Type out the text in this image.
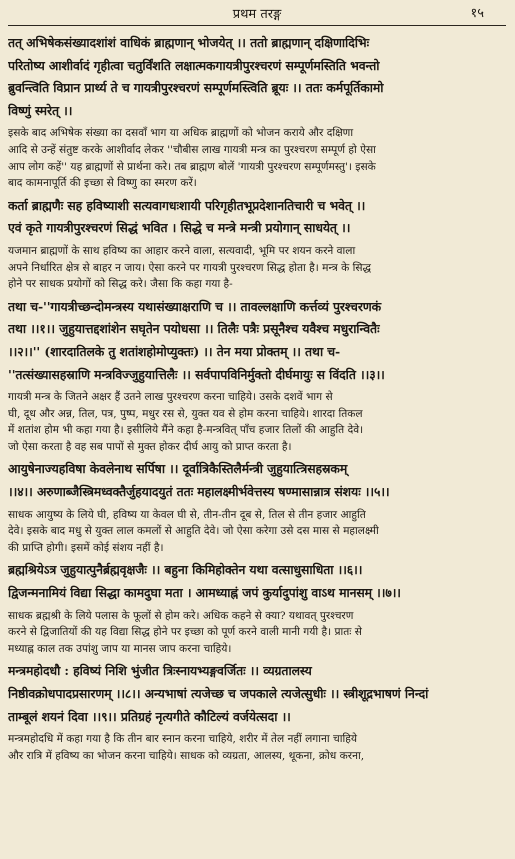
प्रथम तरङ्ग	१५
तत् अभिषेकसंख्यादशांशं वाधिकं ब्राह्मणान् भोजयेत् ।। ततो ब्राह्मणान् दक्षिणादिभिः
परितोष्य आशीर्वादं गृहीत्वा चतुर्विंशति लक्षात्मकगायत्रीपुरश्चरणं सम्पूर्णमस्तिति भवन्तो
ब्रुवन्त्विति विप्रान प्रार्थ्य ते च गायत्रीपुरश्चरणं सम्पूर्णमस्त्विति ब्रूयः ।। ततः कर्मपूर्तिकामो
विष्णुं स्मरेत् ।।
इसके बाद अभिषेक संख्या का दसवाँ भाग या अधिक ब्राह्मणों को भोजन कराये और दक्षिणा
आदि से उन्हें संतुष्ट करके आशीर्वाद लेकर ''चौबीस लाख गायत्री मन्त्र का पुरश्चरण सम्पूर्ण हो ऐसा
आप लोग कहें'' यह ब्राह्मणों से प्रार्थना करे। तब ब्राह्मण बोलें 'गायत्री पुरश्चरण सम्पूर्णमस्तु'। इसके
बाद कामनापूर्ति की इच्छा से विष्णु का स्मरण करें।
कर्ता ब्राह्मणैः सह हविष्याशी सत्यवागधःशायी परिगृहीतभूप्रदेशानतिचारी च भवेत् ।।
एवं कृते गायत्रीपुरश्चरणं सिद्धं भवित । सिद्धे च मन्त्रे मन्त्री प्रयोगान् साधयेत् ।।
यजमान ब्राह्मणों के साथ हविष्य का आहार करने वाला, सत्यवादी, भूमि पर शयन करने वाला
अपने निर्धारित क्षेत्र से बाहर न जाय। ऐसा करने पर गायत्री पुरश्चरण सिद्ध होता है। मन्त्र के सिद्ध
होने पर साधक प्रयोगों को सिद्ध करे। जैसा कि कहा गया है-
तथा च-''गायत्रीच्छन्दोमन्त्रस्य यथासंख्याक्षराणि च ।। तावल्लक्षाणि कर्त्तव्यं पुरश्चरणकं
तथा ।।१।। जुहुयात्तद्दशांशेन सघृतेन पयोधसा ।। तिलैः पत्रैः प्रसूनैश्च यवैश्च मधुरान्वितैः
।।२।।'' (शारदातिलके तु शतांशहोमोप्युक्तः) ।। तेन मया प्रोक्तम् ।। तथा च-
''तत्संख्यासहस्राणि मन्त्रविज्जुहुयात्तिलैः ।। सर्वपापविनिर्मुक्तो दीर्घमायुः स विंदति ।।३।।
गायत्री मन्त्र के जितने अक्षर हैं उतने लाख पुरश्चरण करना चाहिये। उसके दशवें भाग से
घी, दूध और अन्न, तिल, पत्र, पुष्प, मधुर रस से, युक्त यव से होम करना चाहिये। शारदा तिकल
में शतांश होम भी कहा गया है। इसीलिये मैंने कहा है-मन्त्रवित् पाँच हजार तिलों की आहुति देवे।
जो ऐसा करता है वह सब पापों से मुक्त होकर दीर्घ आयु को प्राप्त करता है।
आयुषेनाज्यहविषा केवलेनाथ सर्पिषा ।। दूर्वात्रिकैस्तिलैर्मन्त्री जुहुयात्त्रिसहस्रकम्
।।४।। अरुणाब्जैस्त्रिमध्वक्तैर्जुहयादयुतं ततः महालक्ष्मीर्भवेत्तस्य षण्मासान्नात्र संशयः ।।५।।
साधक आयुष्य के लिये घी, हविष्य या केवल घी से, तीन-तीन दूब से, तिल से तीन हजार आहुति
देवे। इसके बाद मधु से युक्त लाल कमलों से आहुति देवे। जो ऐसा करेगा उसे दस मास से महालक्ष्मी
की प्राप्ति होगी। इसमें कोई संशय नहीं है।
ब्रह्मश्रियेऽत्र जुहुयात्पुनैर्ब्रह्मवृक्षजैः ।। बहुना किमिहोक्तेन यथा वत्साधुसाधिता ।।६।।
द्विजन्मनामियं विद्या सिद्धा कामदुघा मता । आमध्याह्नं जपं कुर्यादुपांशु वाऽथ मानसम् ।।७।।
साधक ब्रह्मश्री के लिये पलास के फूलों से होम करे। अधिक कहने से क्या? यथावत् पुरश्चरण
करने से द्विजातियों की यह विद्या सिद्ध होने पर इच्छा को पूर्ण करने वाली मानी गयी है। प्रातः से
मध्याह्न काल तक उपांशु जाप या मानस जाप करना चाहिये।
मन्त्रमहोदधौ : हविष्यं निशि भुंजीत त्रिःस्नायभ्यङ्गवर्जितः ।। व्यग्रतालस्य
निष्ठीवक्रोधपादप्रसारणम् ।।८।। अन्यभाषां त्यजेच्छ च जपकाले त्यजेत्सुधीः ।। स्त्रीशूद्रभाषणं निन्दां
ताम्बूलं शयनं दिवा ।।९।। प्रतिग्रहं नृत्यगीते कौटिल्यं वर्जयेत्सदा ।।
मन्त्रमहोदधि में कहा गया है कि तीन बार स्नान करना चाहिये, शरीर में तेल नहीं लगाना चाहिये
और रात्रि में हविष्य का भोजन करना चाहिये। साधक को व्यग्रता, आलस्य, थूकना, क्रोध करना,
